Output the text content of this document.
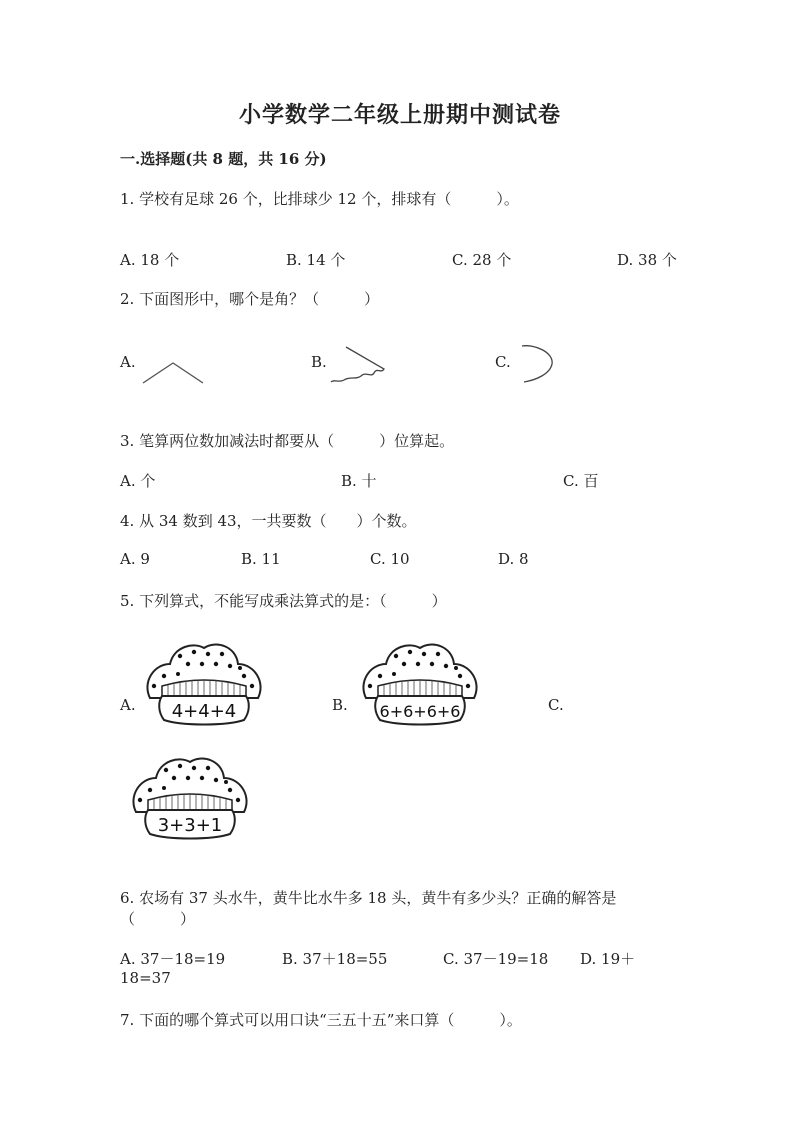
小学数学二年级上册期中测试卷
一.选择题(共 8 题，共 16 分)
1. 学校有足球 26 个，比排球少 12 个，排球有（　　　）。
A. 18 个	B. 14 个	C. 28 个	D. 38 个
2. 下面图形中，哪个是角？（　　　）
A.	B.	C.
3. 笔算两位数加减法时都要从（　　　）位算起。
A. 个	B. 十	C. 百
4. 从 34 数到 43，一共要数（　　）个数。
A. 9	B. 11	C. 10	D. 8
5. 下列算式，不能写成乘法算式的是：（　　　）
A.	B.	C.
4+4+4	6+6+6+6
3+3+1
6. 农场有 37 头水牛，黄牛比水牛多 18 头，黄牛有多少头？正确的解答是
（　　　）
A. 37－18=19	B. 37＋18=55	C. 37－19=18 D. 19＋
18=37
7. 下面的哪个算式可以用口诀“三五十五”来口算（　　　）。
